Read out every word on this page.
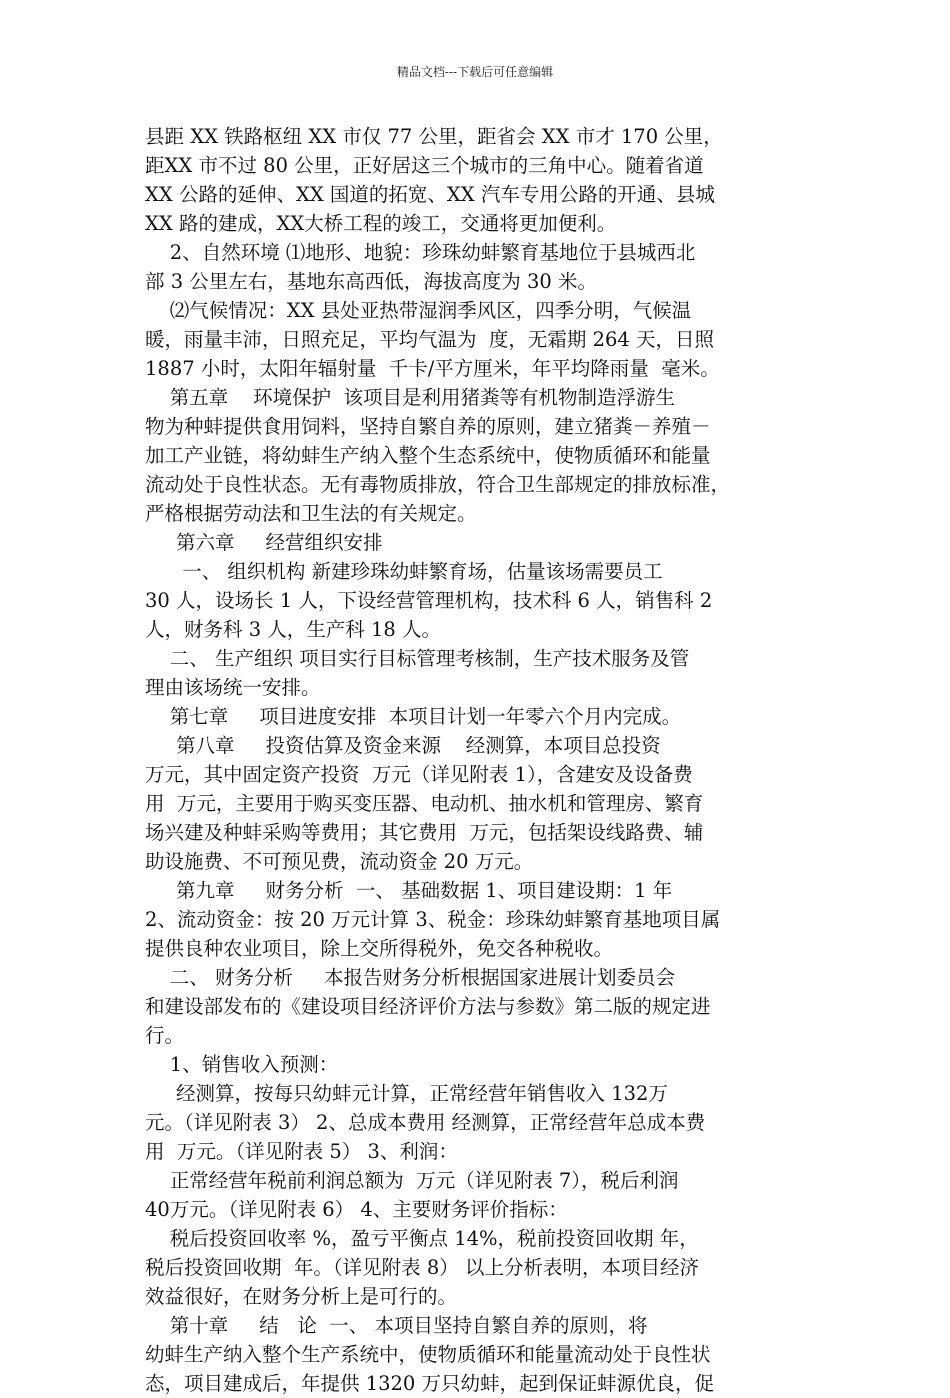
精品文档---下载后可任意编辑
县距 XX 铁路枢纽 XX 市仅 77 公里，距省会 XX 市才 170 公里，
距XX 市不过 80 公里，正好居这三个城市的三角中心。随着省道
XX 公路的延伸、XX 国道的拓宽、XX 汽车专用公路的开通、县城
XX 路的建成，XX大桥工程的竣工，交通将更加便利。
2、自然环境 ⑴地形、地貌：珍珠幼蚌繁育基地位于县城西北
部 3 公里左右，基地东高西低，海拔高度为 30 米。
⑵气候情况：XX 县处亚热带湿润季风区，四季分明，气候温
暖，雨量丰沛，日照充足，平均气温为  度，无霜期 264 天，日照
1887 小时，太阳年辐射量  千卡/平方厘米，年平均降雨量  毫米。
第五章    环境保护  该项目是利用猪粪等有机物制造浮游生
物为种蚌提供食用饲料，坚持自繁自养的原则，建立猪粪－养殖－
加工产业链，将幼蚌生产纳入整个生态系统中，使物质循环和能量
流动处于良性状态。无有毒物质排放，符合卫生部规定的排放标准，
严格根据劳动法和卫生法的有关规定。
第六章     经营组织安排
一、 组织机构 新建珍珠幼蚌繁育场，估量该场需要员工
30 人，设场长 1 人，下设经营管理机构，技术科 6 人，销售科 2
人，财务科 3 人，生产科 18 人。
二、 生产组织 项目实行目标管理考核制，生产技术服务及管
理由该场统一安排。
第七章     项目进度安排  本项目计划一年零六个月内完成。
第八章     投资估算及资金来源    经测算，本项目总投资
万元，其中固定资产投资  万元（详见附表 1），含建安及设备费
用  万元，主要用于购买变压器、电动机、抽水机和管理房、繁育
场兴建及种蚌采购等费用；其它费用  万元，包括架设线路费、辅
助设施费、不可预见费，流动资金 20 万元。
第九章     财务分析  一、 基础数据 1、项目建设期：1 年
2、流动资金：按 20 万元计算 3、税金：珍珠幼蚌繁育基地项目属
提供良种农业项目，除上交所得税外，免交各种税收。
二、 财务分析     本报告财务分析根据国家进展计划委员会
和建设部发布的《建设项目经济评价方法与参数》第二版的规定进
行。
1、销售收入预测：
经测算，按每只幼蚌元计算，正常经营年销售收入 132万
元。（详见附表 3） 2、总成本费用 经测算，正常经营年总成本费
用  万元。（详见附表 5） 3、利润：
正常经营年税前利润总额为  万元（详见附表 7），税后利润
40万元。（详见附表 6） 4、主要财务评价指标：
税后投资回收率 %，盈亏平衡点 14%，税前投资回收期 年，
税后投资回收期  年。（详见附表 8） 以上分析表明，本项目经济
效益很好，在财务分析上是可行的。
第十章     结   论  一、 本项目坚持自繁自养的原则，将
幼蚌生产纳入整个生产系统中，使物质循环和能量流动处于良性状
态，项目建成后，年提供 1320 万只幼蚌，起到保证蚌源优良，促
